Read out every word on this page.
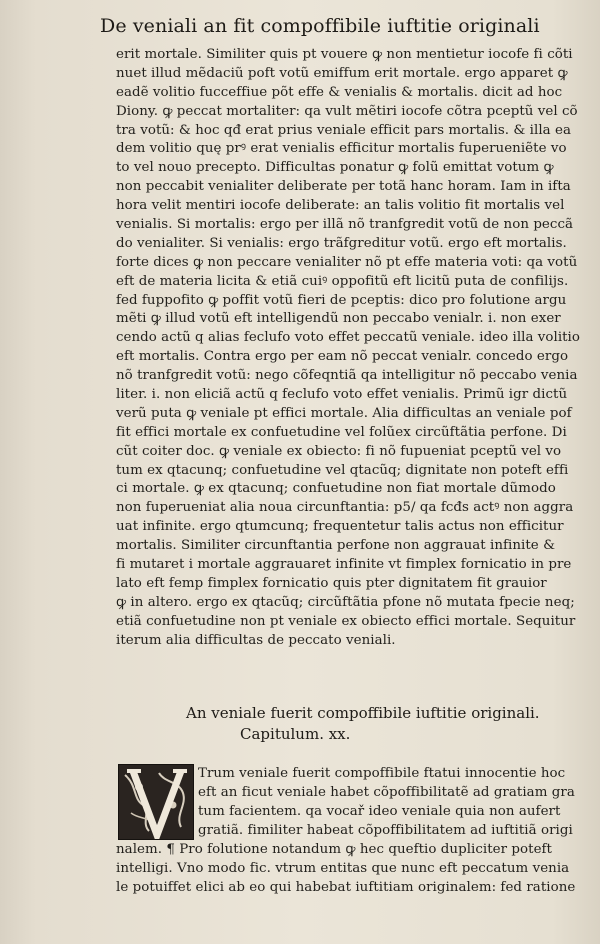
De veniali an fit compoffibile iuftitie originali
erit mortale. Similiter quis pt vouere ꝙ non mentietur iocofe fi cõti
nuet illud mẽdaciũ poft votũ emiffum erit mortale. ergo apparet ꝙ
eadẽ volitio fucceffiue põt effe & venialis & mortalis. dicit ad hoc
Diony. ꝙ peccat mortaliter: qa vult mẽtiri iocofe cõtra pceptũ vel cõ
tra votũ: & hoc qđ erat prius veniale efficit pars mortalis. & illa ea
dem volitio quę prꝰ erat venialis efficitur mortalis fuperueniẽte vo
to vel nouo precepto. Difficultas ponatur ꝙ folũ emittat votum ꝙ
non peccabit venialiter deliberate per totã hanc horam. Iam in ifta
hora velit mentiri iocofe deliberate: an talis volitio fit mortalis vel
venialis. Si mortalis: ergo per illã nõ tranfgredit votũ de non peccã
do venialiter. Si venialis: ergo trãfgreditur votũ. ergo eft mortalis.
forte dices ꝙ non peccare venialiter nõ pt effe materia voti: qa votũ
eft de materia licita & etiã cuiꝰ oppofitũ eft licitũ puta de confilijs.
fed fuppofito ꝙ poffit votũ fieri de pceptis: dico pro folutione argu
mẽti ꝙ illud votũ eft intelligendũ non peccabo venialr. i. non exer
cendo actũ q alias feclufo voto effet peccatũ veniale. ideo illa volitio
eft mortalis. Contra ergo per eam nõ peccat venialr. concedo ergo
nõ tranfgredit votũ: nego cõfeqntiã qa intelligitur nõ peccabo venia
liter. i. non eliciã actũ q feclufo voto effet venialis. Primũ igr dictũ
verũ puta ꝙ veniale pt effici mortale. Alia difficultas an veniale pof
fit effici mortale ex confuetudine vel folũex circũftãtia perfone. Di
cũt coiter doc. ꝙ veniale ex obiecto: fi nõ fupueniat pceptũ vel vo
tum ex qtacunq; confuetudine vel qtacũq; dignitate non poteft effi
ci mortale. ꝙ ex qtacunq; confuetudine non fiat mortale dũmodo
non fuperueniat alia noua circunftantia: p5/ qa fcđs actꝰ non aggra
uat infinite. ergo qtumcunq; frequentetur talis actus non efficitur
mortalis. Similiter circunftantia perfone non aggrauat infinite &
fi mutaret i mortale aggrauaret infinite vt fimplex fornicatio in pre
lato eft femp fimplex fornicatio quis pter dignitatem fit grauior
ꝙ in altero. ergo ex qtacũq; circũftãtia pfone nõ mutata fpecie neq;
etiã confuetudine non pt veniale ex obiecto effici mortale. Sequitur
iterum alia difficultas de peccato veniali.
An veniale fuerit compoffibile iuftitie originali.
Capitulum. xx.
Trum veniale fuerit compoffibile ftatui innocentie hoc
eft an ficut veniale habet cõpoffibilitatẽ ad gratiam gra
tum facientem. qa vocař ideo veniale quia non aufert
gratiã. fimiliter habeat cõpoffibilitatem ad iuftitiã origi
nalem. ¶ Pro folutione notandum ꝙ hec queftio dupliciter poteft
intelligi. Vno modo fic. vtrum entitas que nunc eft peccatum venia
le potuiffet elici ab eo qui habebat iuftitiam originalem: fed ratione
